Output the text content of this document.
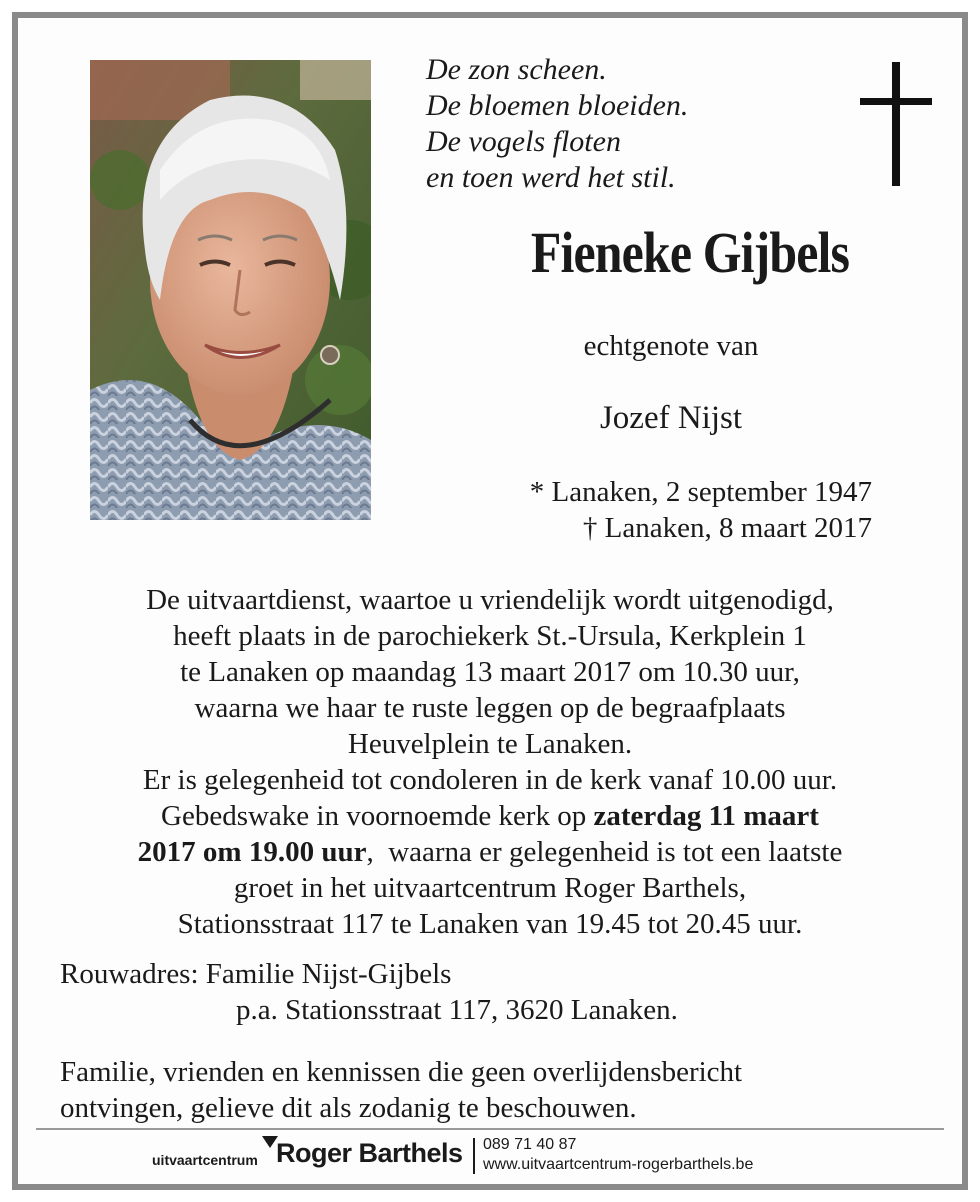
De zon scheen.
De bloemen bloeiden.
De vogels floten
en toen werd het stil.
Fieneke Gijbels
echtgenote van
Jozef Nijst
* Lanaken, 2 september 1947
† Lanaken, 8 maart 2017
De uitvaartdienst, waartoe u vriendelijk wordt uitgenodigd,
heeft plaats in de parochiekerk St.-Ursula, Kerkplein 1
te Lanaken op maandag 13 maart 2017 om 10.30 uur,
waarna we haar te ruste leggen op de begraafplaats
Heuvelplein te Lanaken.
Er is gelegenheid tot condoleren in de kerk vanaf 10.00 uur.
Gebedswake in voornoemde kerk op zaterdag 11 maart
2017 om 19.00 uur,  waarna er gelegenheid is tot een laatste
groet in het uitvaartcentrum Roger Barthels,
Stationsstraat 117 te Lanaken van 19.45 tot 20.45 uur.
Rouwadres: Familie Nijst-Gijbels
p.a. Stationsstraat 117, 3620 Lanaken.
Familie, vrienden en kennissen die geen overlijdensbericht
ontvingen, gelieve dit als zodanig te beschouwen.
uitvaartcentrum Roger Barthels 089 71 40 87
www.uitvaartcentrum-rogerbarthels.be
